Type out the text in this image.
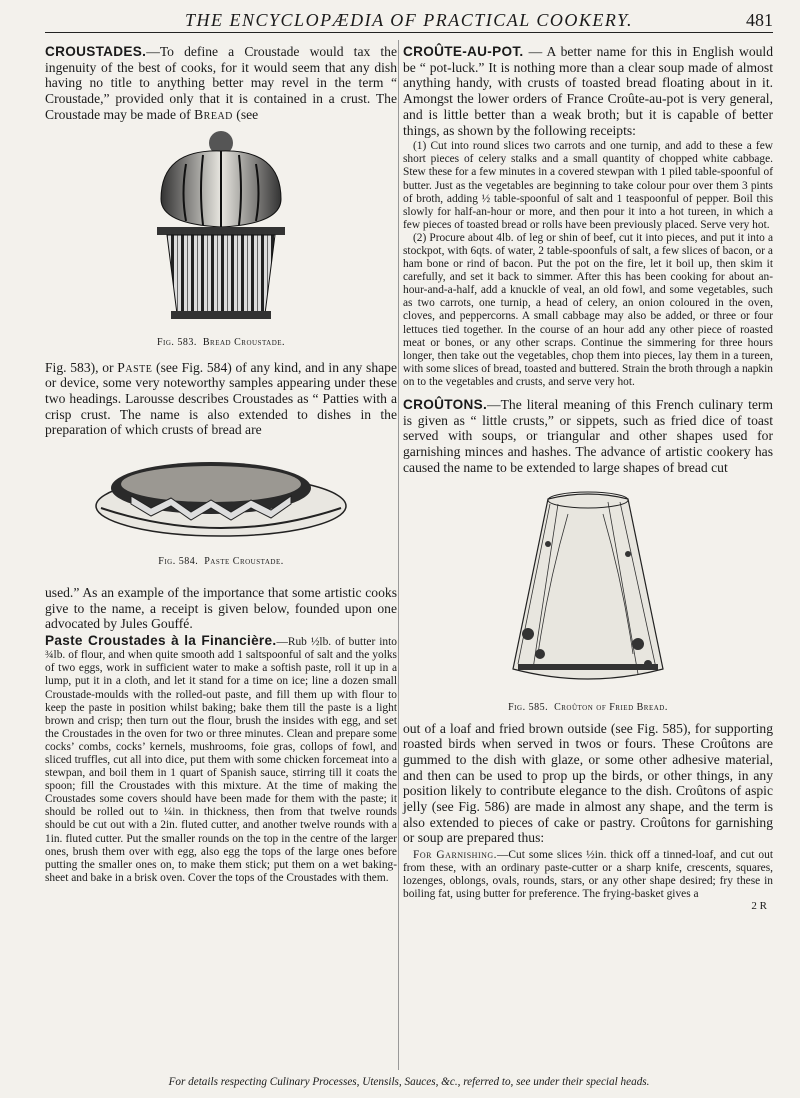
THE ENCYCLOPÆDIA OF PRACTICAL COOKERY.	481

CROUSTADES.—To define a Croustade would tax the ingenuity of the best of cooks, for it would seem that any dish having no title to anything better may revel in the term “ Croustade,” provided only that it is contained in a crust. The Croustade may be made of Bread (see

Fig. 583. Bread Croustade.

Fig. 583), or Paste (see Fig. 584) of any kind, and in any shape or device, some very noteworthy samples appearing under these two headings. Larousse describes Croustades as “ Patties with a crisp crust. The name is also extended to dishes in the preparation of which crusts of bread are

Fig. 584. Paste Croustade.

used.” As an example of the importance that some artistic cooks give to the name, a receipt is given below, founded upon one advocated by Jules Gouffé.

Paste Croustades à la Financière.—Rub ½lb. of butter into ¾lb. of flour, and when quite smooth add 1 saltspoonful of salt and the yolks of two eggs, work in sufficient water to make a softish paste, roll it up in a lump, put it in a cloth, and let it stand for a time on ice; line a dozen small Croustade-moulds with the rolled-out paste, and fill them up with flour to keep the paste in position whilst baking; bake them till the paste is a light brown and crisp; then turn out the flour, brush the insides with egg, and set the Croustades in the oven for two or three minutes. Clean and prepare some cocks’ combs, cocks’ kernels, mushrooms, foie gras, collops of fowl, and sliced truffles, cut all into dice, put them with some chicken forcemeat into a stewpan, and boil them in 1 quart of Spanish sauce, stirring till it coats the spoon; fill the Croustades with this mixture. At the time of making the Croustades some covers should have been made for them with the paste; it should be rolled out to ¼in. in thickness, then from that twelve rounds should be cut out with a 2in. fluted cutter, and another twelve rounds with a 1in. fluted cutter. Put the smaller rounds on the top in the centre of the larger ones, brush them over with egg, also egg the tops of the large ones before putting the smaller ones on, to make them stick; put them on a wet baking-sheet and bake in a brisk oven. Cover the tops of the Croustades with them.

CROÛTE-AU-POT. — A better name for this in English would be “ pot-luck.” It is nothing more than a clear soup made of almost anything handy, with crusts of toasted bread floating about in it. Amongst the lower orders of France Croûte-au-pot is very general, and is little better than a weak broth; but it is capable of better things, as shown by the following receipts:

(1) Cut into round slices two carrots and one turnip, and add to these a few short pieces of celery stalks and a small quantity of chopped white cabbage. Stew these for a few minutes in a covered stewpan with 1 piled table-spoonful of butter. Just as the vegetables are beginning to take colour pour over them 3 pints of broth, adding ½ table-spoonful of salt and 1 teaspoonful of pepper. Boil this slowly for half-an-hour or more, and then pour it into a hot tureen, in which a few pieces of toasted bread or rolls have been previously placed. Serve very hot.

(2) Procure about 4lb. of leg or shin of beef, cut it into pieces, and put it into a stockpot, with 6qts. of water, 2 table-spoonfuls of salt, a few slices of bacon, or a ham bone or rind of bacon. Put the pot on the fire, let it boil up, then skim it carefully, and set it back to simmer. After this has been cooking for about an-hour-and-a-half, add a knuckle of veal, an old fowl, and some vegetables, such as two carrots, one turnip, a head of celery, an onion coloured in the oven, cloves, and peppercorns. A small cabbage may also be added, or three or four lettuces tied together. In the course of an hour add any other piece of roasted meat or bones, or any other scraps. Continue the simmering for three hours longer, then take out the vegetables, chop them into pieces, lay them in a tureen, with some slices of bread, toasted and buttered. Strain the broth through a napkin on to the vegetables and crusts, and serve very hot.

CROÛTONS.—The literal meaning of this French culinary term is given as “ little crusts,” or sippets, such as fried dice of toast served with soups, or triangular and other shapes used for garnishing minces and hashes. The advance of artistic cookery has caused the name to be extended to large shapes of bread cut

Fig. 585. Croûton of Fried Bread.

out of a loaf and fried brown outside (see Fig. 585), for supporting roasted birds when served in twos or fours. These Croûtons are gummed to the dish with glaze, or some other adhesive material, and then can be used to prop up the birds, or other things, in any position likely to contribute elegance to the dish. Croûtons of aspic jelly (see Fig. 586) are made in almost any shape, and the term is also extended to pieces of cake or pastry. Croûtons for garnishing or soup are prepared thus:

For Garnishing.—Cut some slices ½in. thick off a tinned-loaf, and cut out from these, with an ordinary paste-cutter or a sharp knife, crescents, squares, lozenges, oblongs, ovals, rounds, stars, or any other shape desired; fry these in boiling fat, using butter for preference. The frying-basket gives a

2 R
For details respecting Culinary Processes, Utensils, Sauces, &c., referred to, see under their special heads.
